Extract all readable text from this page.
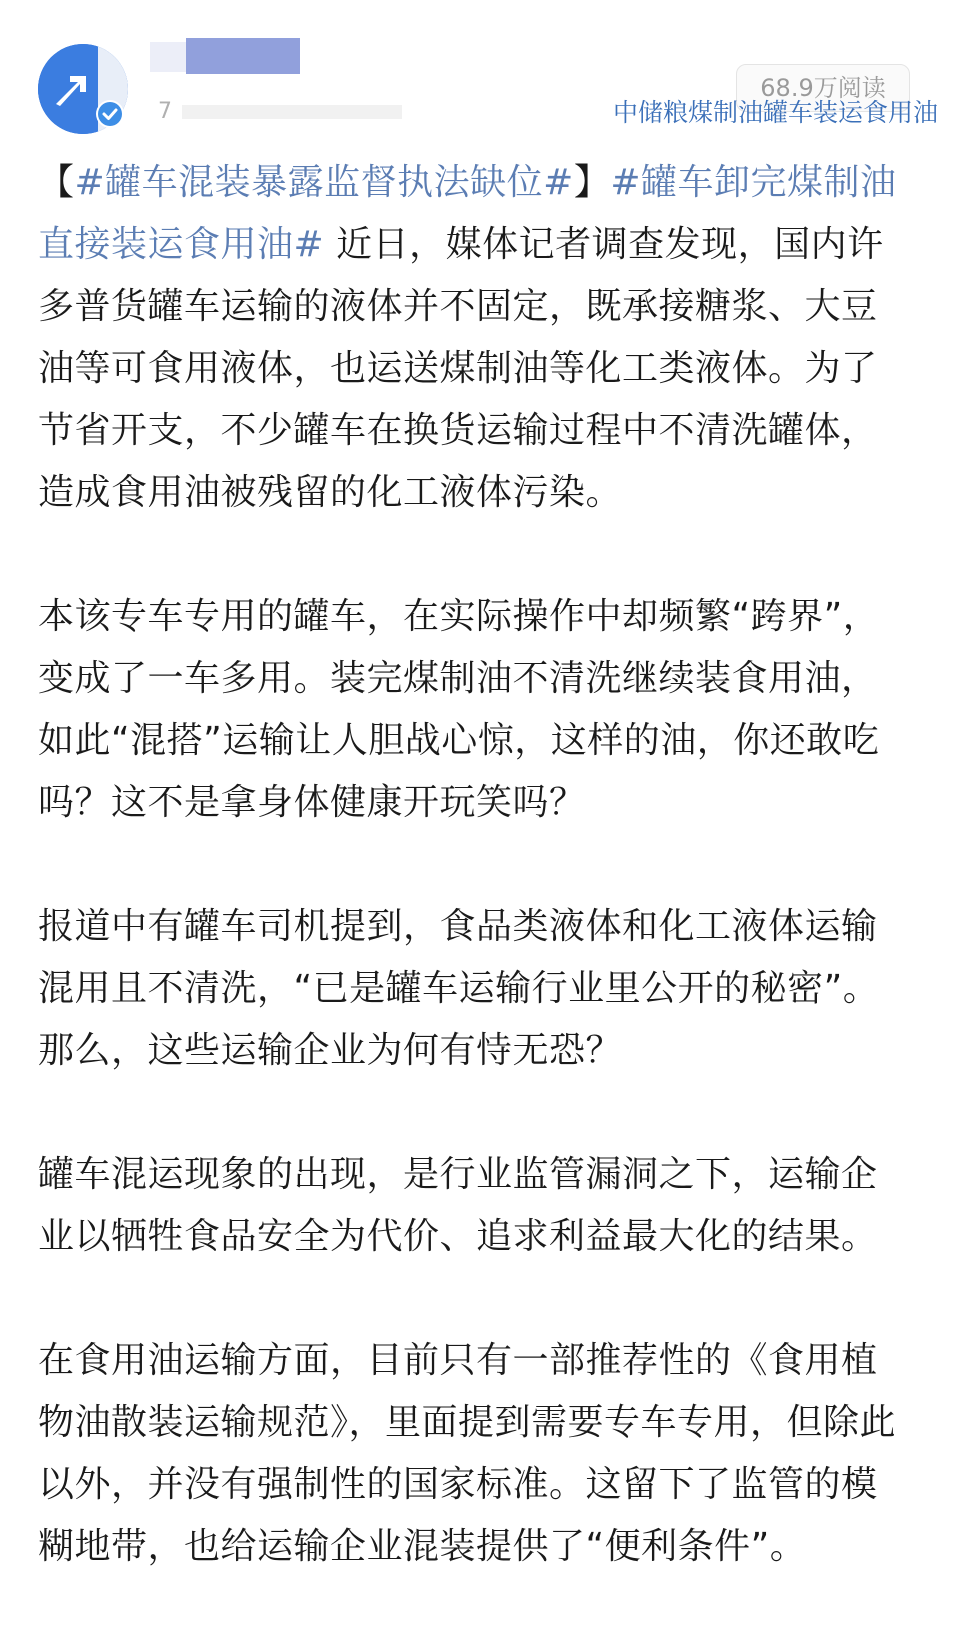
7
68.9万阅读
中储粮煤制油罐车装运食用油

【#罐车混装暴露监督执法缺位#】#罐车卸完煤制油直接装运食用油# 近日，媒体记者调查发现，国内许多普货罐车运输的液体并不固定，既承接糖浆、大豆油等可食用液体，也运送煤制油等化工类液体。为了节省开支，不少罐车在换货运输过程中不清洗罐体，造成食用油被残留的化工液体污染。

本该专车专用的罐车，在实际操作中却频繁“跨界”，变成了一车多用。装完煤制油不清洗继续装食用油，如此“混搭”运输让人胆战心惊，这样的油，你还敢吃吗？这不是拿身体健康开玩笑吗？

报道中有罐车司机提到，食品类液体和化工液体运输混用且不清洗，“已是罐车运输行业里公开的秘密”。那么，这些运输企业为何有恃无恐？

罐车混运现象的出现，是行业监管漏洞之下，运输企业以牺牲食品安全为代价、追求利益最大化的结果。

在食用油运输方面，目前只有一部推荐性的《食用植物油散装运输规范》，里面提到需要专车专用，但除此以外，并没有强制性的国家标准。这留下了监管的模糊地带，也给运输企业混装提供了“便利条件”。
